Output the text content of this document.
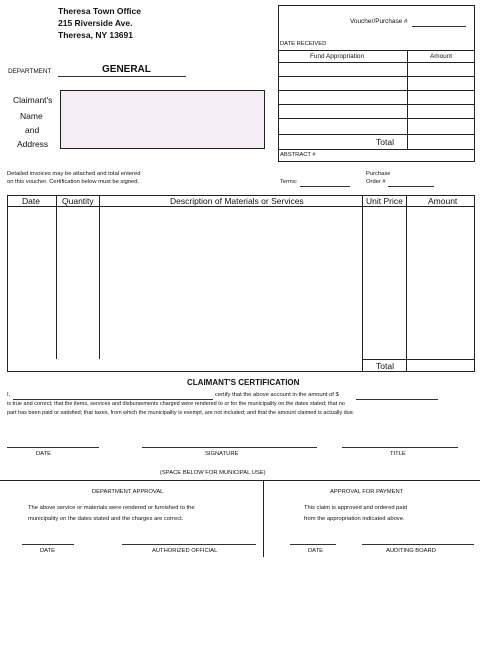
Theresa Town Office
215 Riverside Ave.
Theresa, NY 13691
Voucher/Purchase #
DATE RECEIVED
Fund Appropriation	Amount
Total
ABSTRACT #
DEPARTMENT	GENERAL
Claimant's
Name
and
Address
Detailed invoices may be attached and total entered
on this voucher. Certification below must be signed.	Terms:
Purchase
Order #
Date	Quantity	Description of Materials or Services	Unit Price	Amount
Total
CLAIMANT'S CERTIFICATION
I,	certify that the above account in the amount of $
is true and correct; that the items, services and disbursements charged were rendered to or for the municipality on the dates stated; that no
part has been paid or satisfied; that taxes, from which the municipality is exempt, are not included; and that the amount claimed is actually due.
DATE	SIGNATURE	TITLE
(SPACE BELOW FOR MUNICIPAL USE)
DEPARTMENT APPROVAL
The above service or materials were rendered or furnished to the
municipality on the dates stated and the charges are correct.
DATE	AUTHORIZED OFFICIAL
APPROVAL FOR PAYMENT
This claim is approved and ordered paid
from the appropriation indicated above.
DATE	AUDITING BOARD
